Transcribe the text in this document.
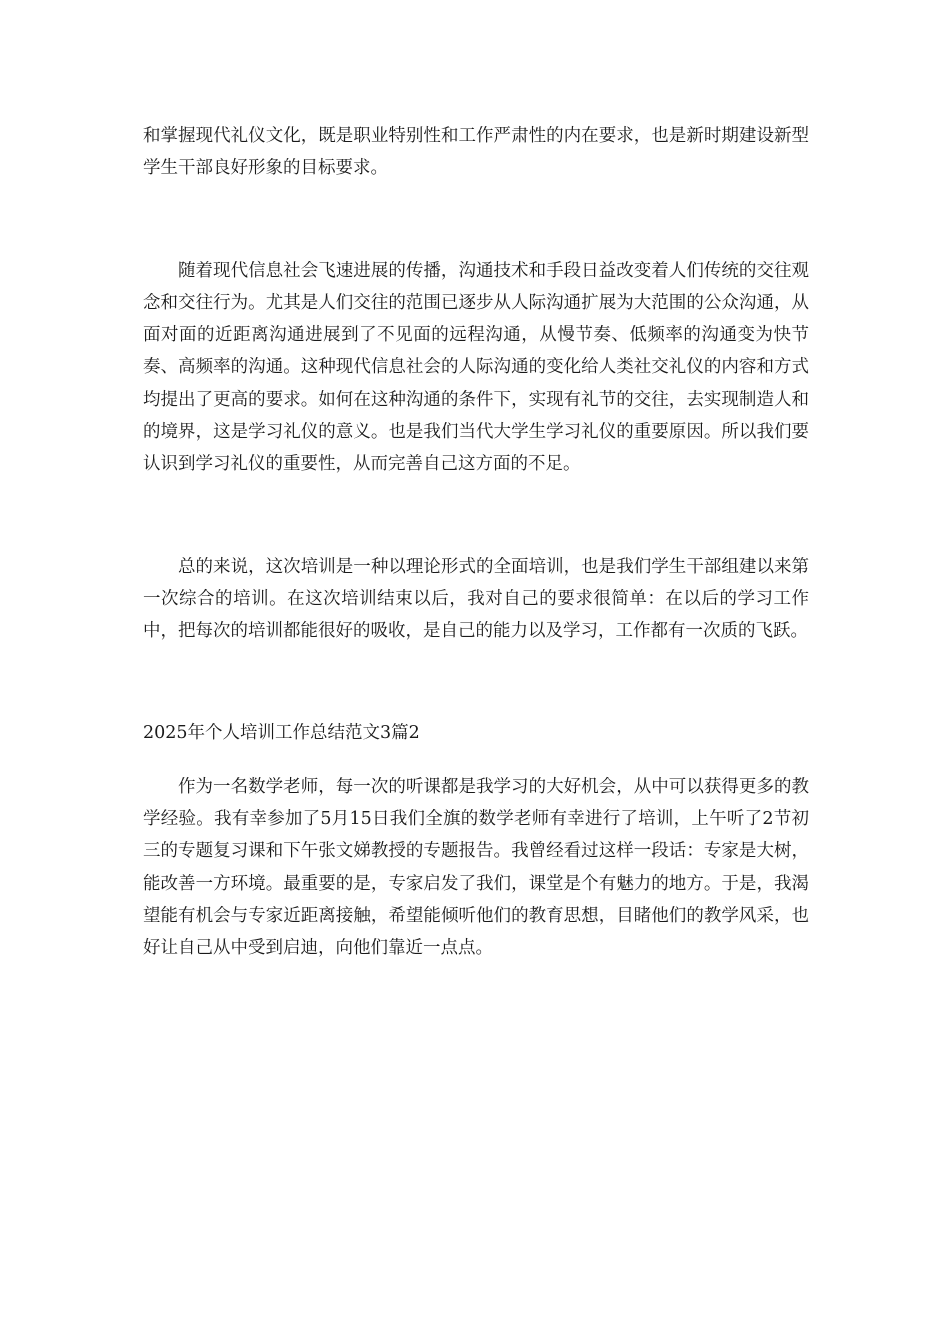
和掌握现代礼仪文化，既是职业特别性和工作严肃性的内在要求，也是新时期建设新型学生干部良好形象的目标要求。

随着现代信息社会飞速进展的传播，沟通技术和手段日益改变着人们传统的交往观念和交往行为。尤其是人们交往的范围已逐步从人际沟通扩展为大范围的公众沟通，从面对面的近距离沟通进展到了不见面的远程沟通，从慢节奏、低频率的沟通变为快节奏、高频率的沟通。这种现代信息社会的人际沟通的变化给人类社交礼仪的内容和方式均提出了更高的要求。如何在这种沟通的条件下，实现有礼节的交往，去实现制造人和的境界，这是学习礼仪的意义。也是我们当代大学生学习礼仪的重要原因。所以我们要认识到学习礼仪的重要性，从而完善自己这方面的不足。

总的来说，这次培训是一种以理论形式的全面培训，也是我们学生干部组建以来第一次综合的培训。在这次培训结束以后，我对自己的要求很简单：在以后的学习工作中，把每次的培训都能很好的吸收，是自己的能力以及学习，工作都有一次质的飞跃。

2025年个人培训工作总结范文3篇2

作为一名数学老师，每一次的听课都是我学习的大好机会，从中可以获得更多的教学经验。我有幸参加了5月15日我们全旗的数学老师有幸进行了培训，上午听了2节初三的专题复习课和下午张文娣教授的专题报告。我曾经看过这样一段话：专家是大树，能改善一方环境。最重要的是，专家启发了我们，课堂是个有魅力的地方。于是，我渴望能有机会与专家近距离接触，希望能倾听他们的教育思想，目睹他们的教学风采，也好让自己从中受到启迪，向他们靠近一点点。
